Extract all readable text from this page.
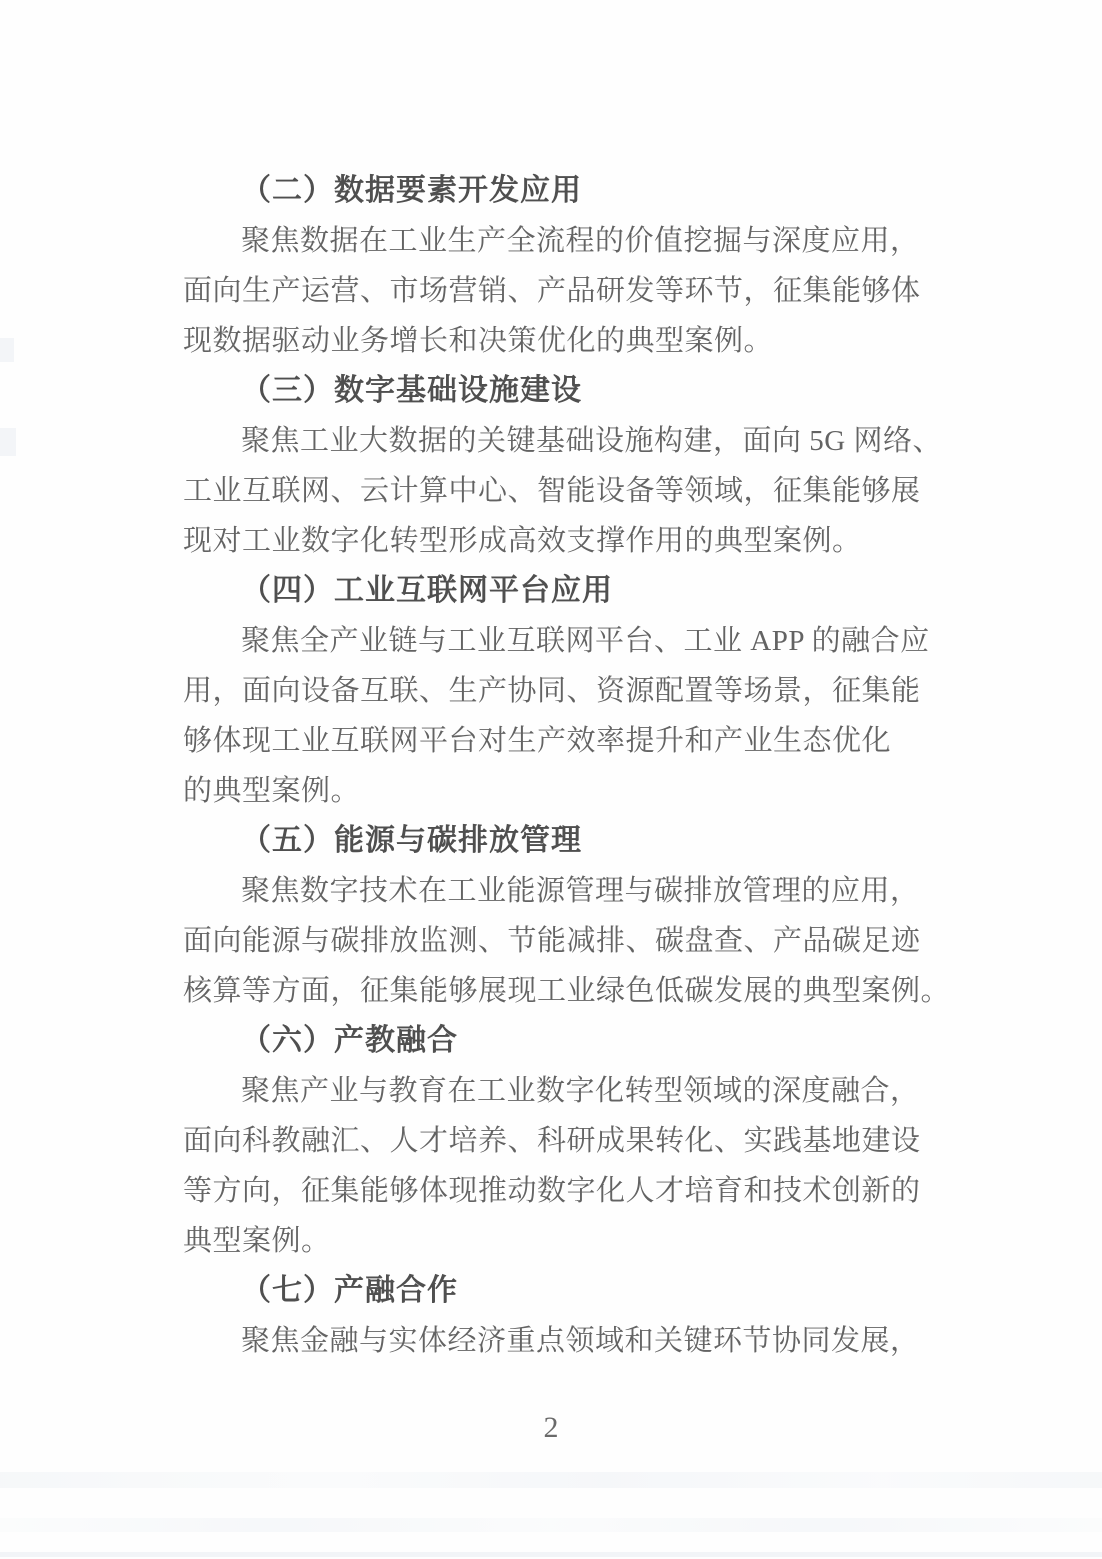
（二）数据要素开发应用

聚焦数据在工业生产全流程的价值挖掘与深度应用，

面向生产运营、市场营销、产品研发等环节，征集能够体

现数据驱动业务增长和决策优化的典型案例。

（三）数字基础设施建设

聚焦工业大数据的关键基础设施构建，面向 5G 网络、

工业互联网、云计算中心、智能设备等领域，征集能够展

现对工业数字化转型形成高效支撑作用的典型案例。

（四）工业互联网平台应用

聚焦全产业链与工业互联网平台、工业 APP 的融合应

用，面向设备互联、生产协同、资源配置等场景，征集能

够体现工业互联网平台对生产效率提升和产业生态优化

的典型案例。

（五）能源与碳排放管理

聚焦数字技术在工业能源管理与碳排放管理的应用，

面向能源与碳排放监测、节能减排、碳盘查、产品碳足迹

核算等方面，征集能够展现工业绿色低碳发展的典型案例。

（六）产教融合

聚焦产业与教育在工业数字化转型领域的深度融合，

面向科教融汇、人才培养、科研成果转化、实践基地建设

等方向，征集能够体现推动数字化人才培育和技术创新的

典型案例。

（七）产融合作

聚焦金融与实体经济重点领域和关键环节协同发展，

2
